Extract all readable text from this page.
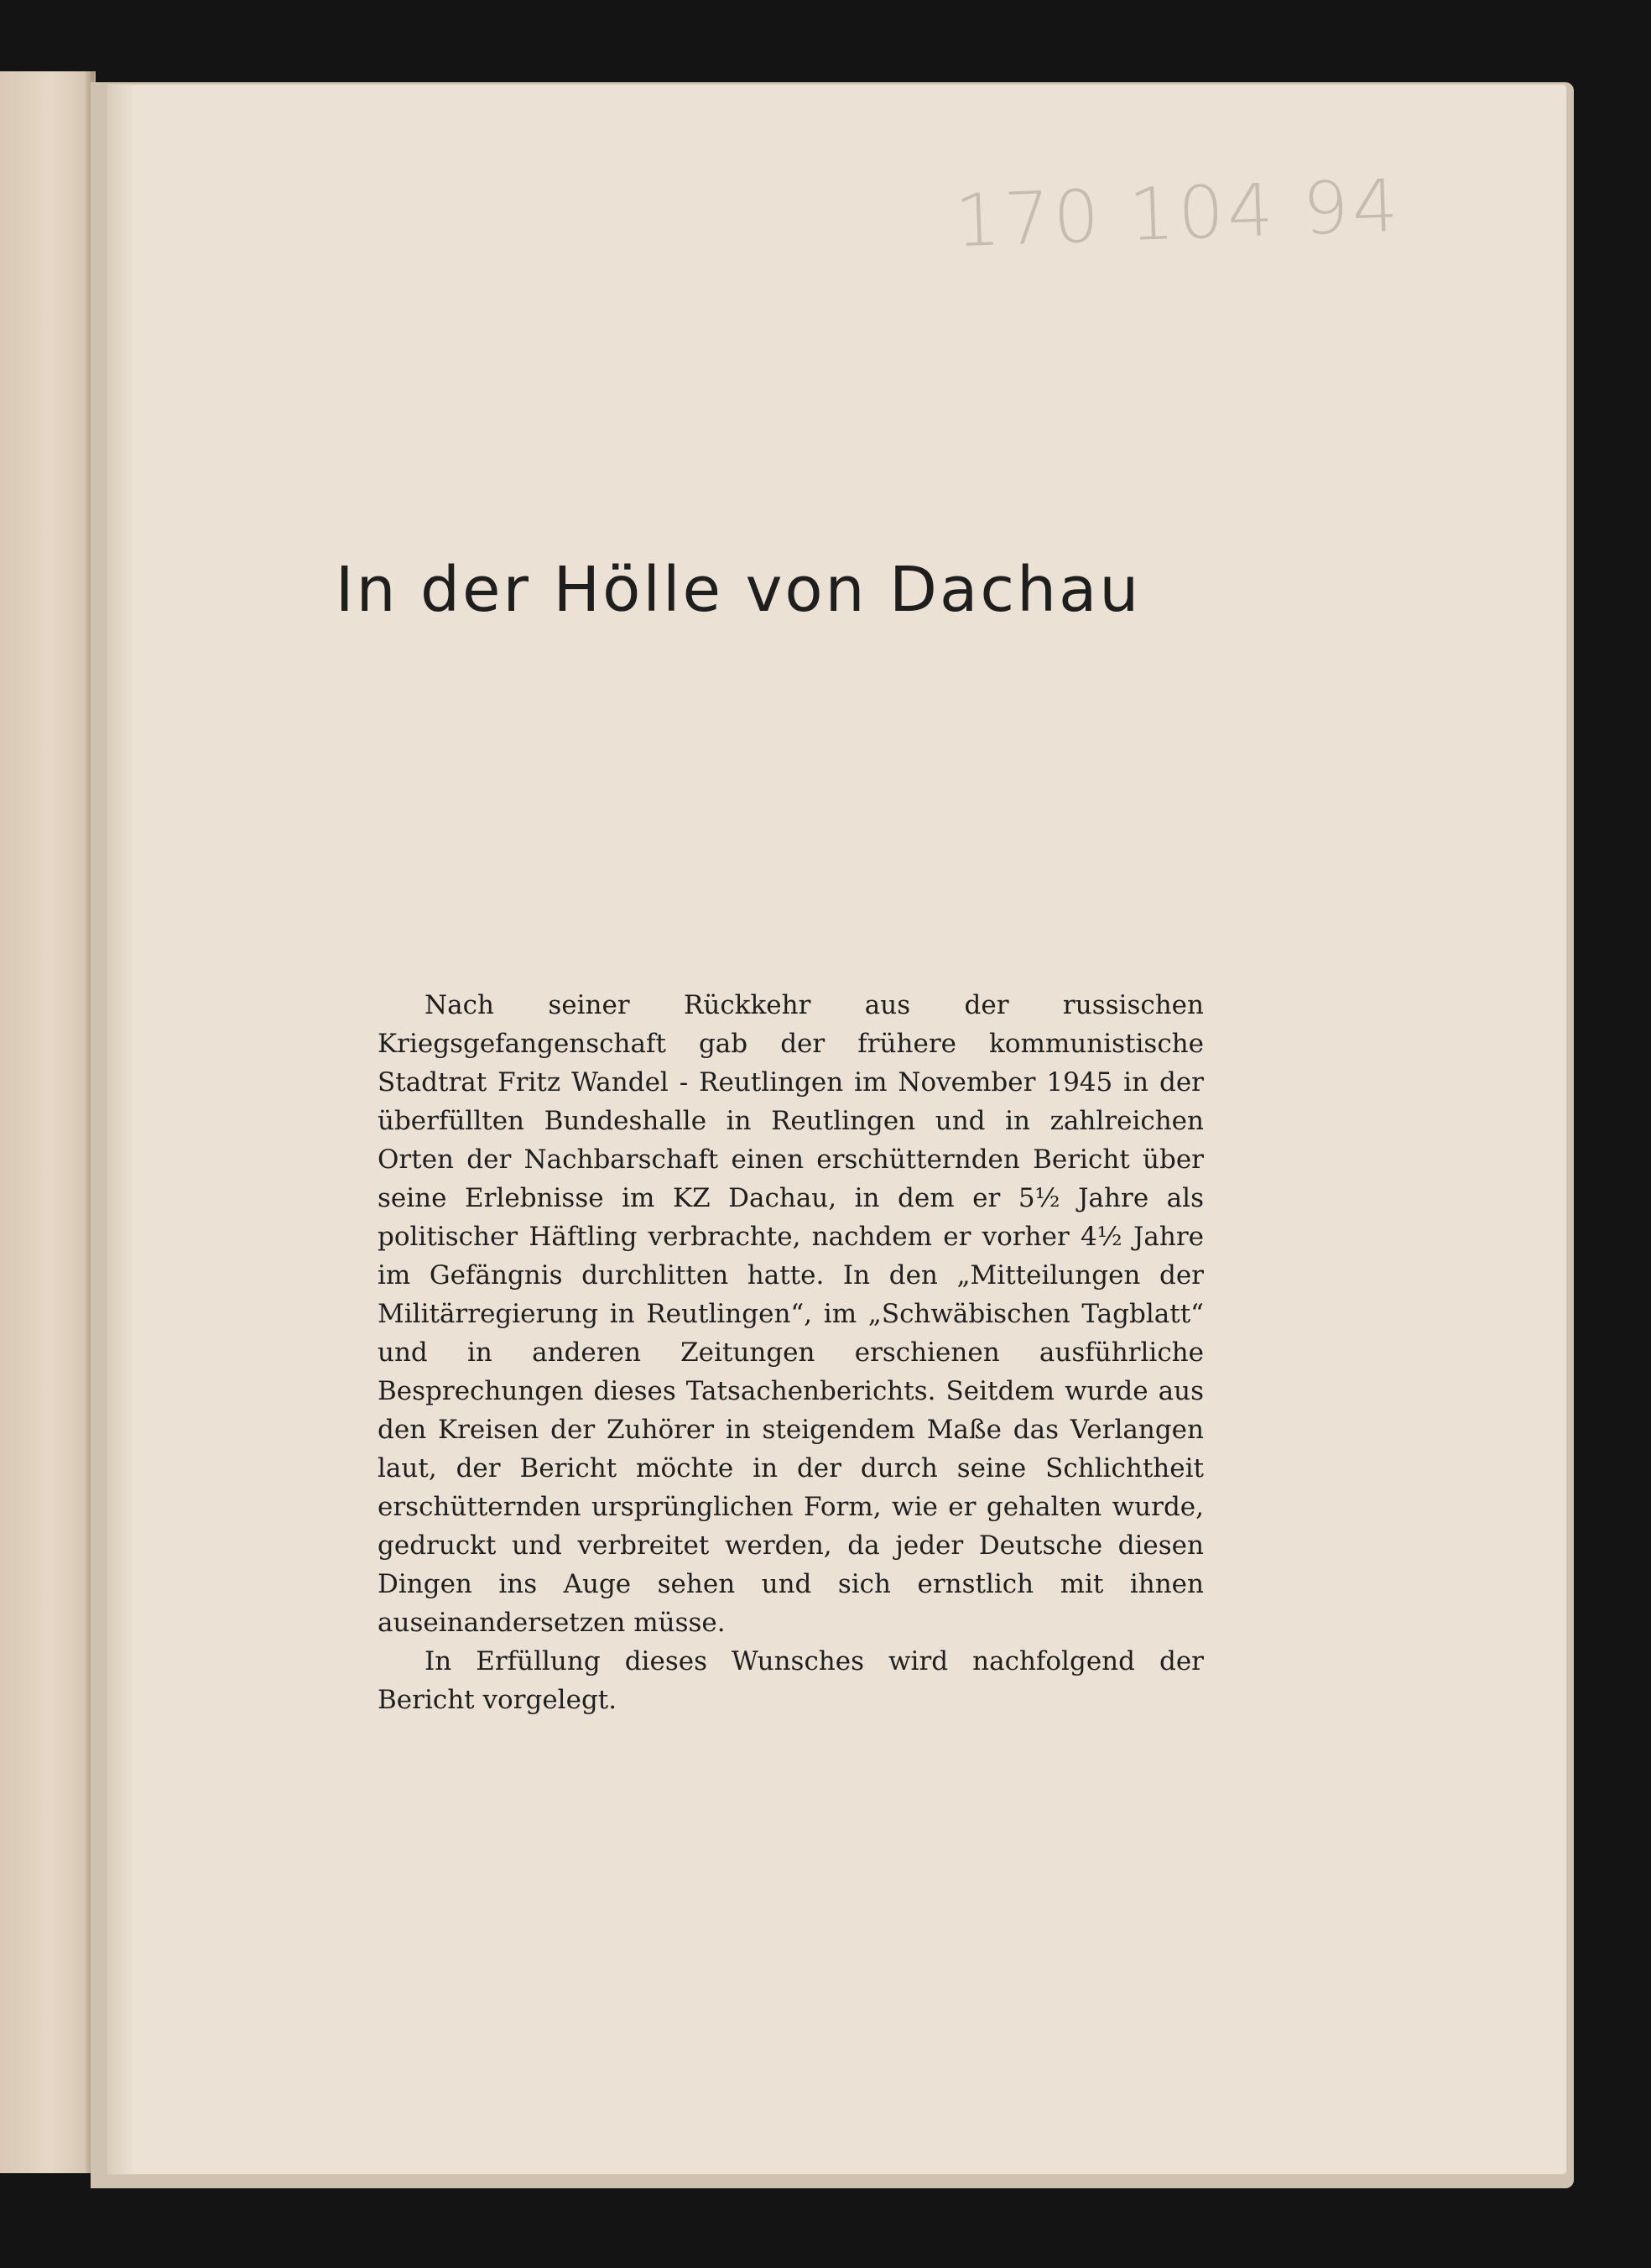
170 104 94
In der Hölle von Dachau

Nach seiner Rückkehr aus der russischen Kriegsgefangenschaft gab der frühere kommunistische Stadtrat Fritz Wandel - Reutlingen im November 1945 in der überfüllten Bundeshalle in Reutlingen und in zahlreichen Orten der Nachbarschaft einen erschütternden Bericht über seine Erlebnisse im KZ Dachau, in dem er 5½ Jahre als politischer Häftling verbrachte, nachdem er vorher 4½ Jahre im Gefängnis durchlitten hatte. In den „Mitteilungen der Militärregierung in Reutlingen“, im „Schwäbischen Tagblatt“ und in anderen Zeitungen erschienen ausführliche Besprechungen dieses Tatsachenberichts. Seitdem wurde aus den Kreisen der Zuhörer in steigendem Maße das Verlangen laut, der Bericht möchte in der durch seine Schlichtheit erschütternden ursprünglichen Form, wie er gehalten wurde, gedruckt und verbreitet werden, da jeder Deutsche diesen Dingen ins Auge sehen und sich ernstlich mit ihnen auseinandersetzen müsse.

In Erfüllung dieses Wunsches wird nachfolgend der Bericht vorgelegt.
